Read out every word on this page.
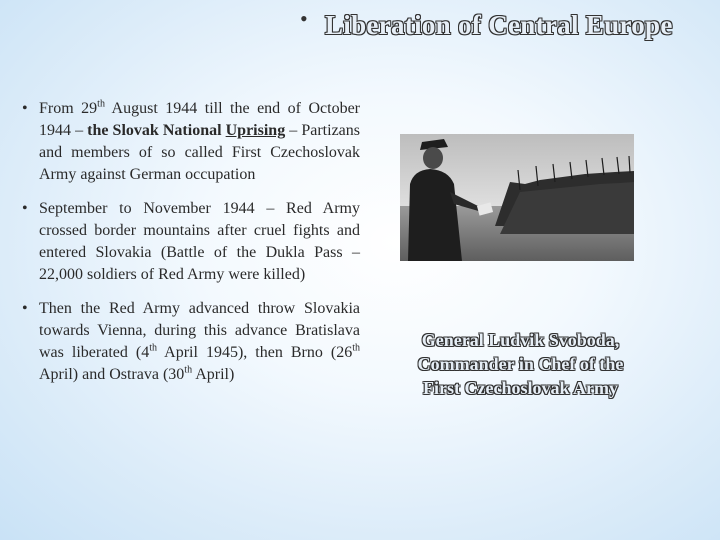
• Liberation of Central Europe
• From 29th August 1944 till the end of October 1944 – the Slovak National Uprising – Partizans and members of so called First Czechoslovak Army against German occupation
• September to November 1944 – Red Army crossed border mountains after cruel fights and entered Slovakia (Battle of the Dukla Pass – 22,000 soldiers of Red Army were killed)
• Then the Red Army advanced throw Slovakia towards Vienna, during this advance Bratislava was liberated (4th April 1945), then Brno (26th April) and Ostrava (30th April)

General Ludvik Svoboda, Commander in Chef of the First Czechoslovak Army
